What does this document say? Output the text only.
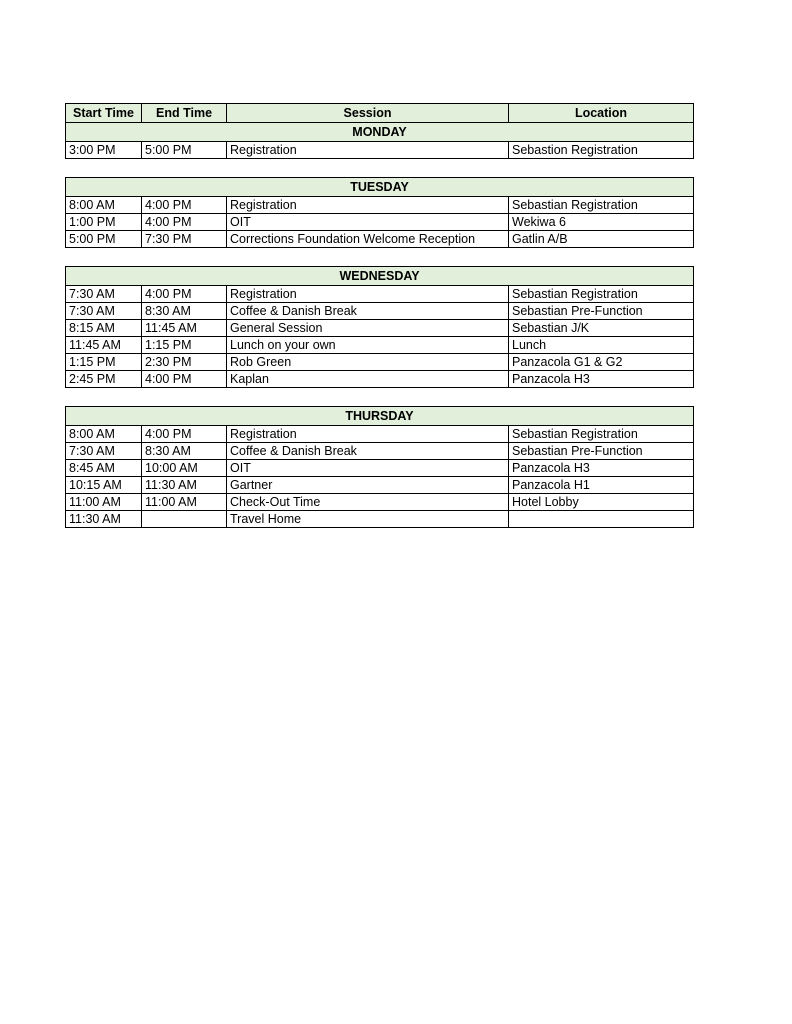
Start Time	End Time	Session	Location
MONDAY			
3:00 PM	5:00 PM	Registration	Sebastion Registration
TUESDAY			
8:00 AM	4:00 PM	Registration	Sebastian Registration
1:00 PM	4:00 PM	OIT	Wekiwa 6
5:00 PM	7:30 PM	Corrections Foundation Welcome Reception	Gatlin A/B
WEDNESDAY			
7:30 AM	4:00 PM	Registration	Sebastian Registration
7:30 AM	8:30 AM	Coffee & Danish Break	Sebastian Pre-Function
8:15 AM	11:45 AM	General Session	Sebastian J/K
11:45 AM	1:15 PM	Lunch on your own	Lunch
1:15 PM	2:30 PM	Rob Green	Panzacola G1 & G2
2:45 PM	4:00 PM	Kaplan	Panzacola H3
THURSDAY			
8:00 AM	4:00 PM	Registration	Sebastian Registration
7:30 AM	8:30 AM	Coffee & Danish Break	Sebastian Pre-Function
8:45 AM	10:00 AM	OIT	Panzacola H3
10:15 AM	11:30 AM	Gartner	Panzacola H1
11:00 AM	11:00 AM	Check-Out Time	Hotel Lobby
11:30 AM		Travel Home	
